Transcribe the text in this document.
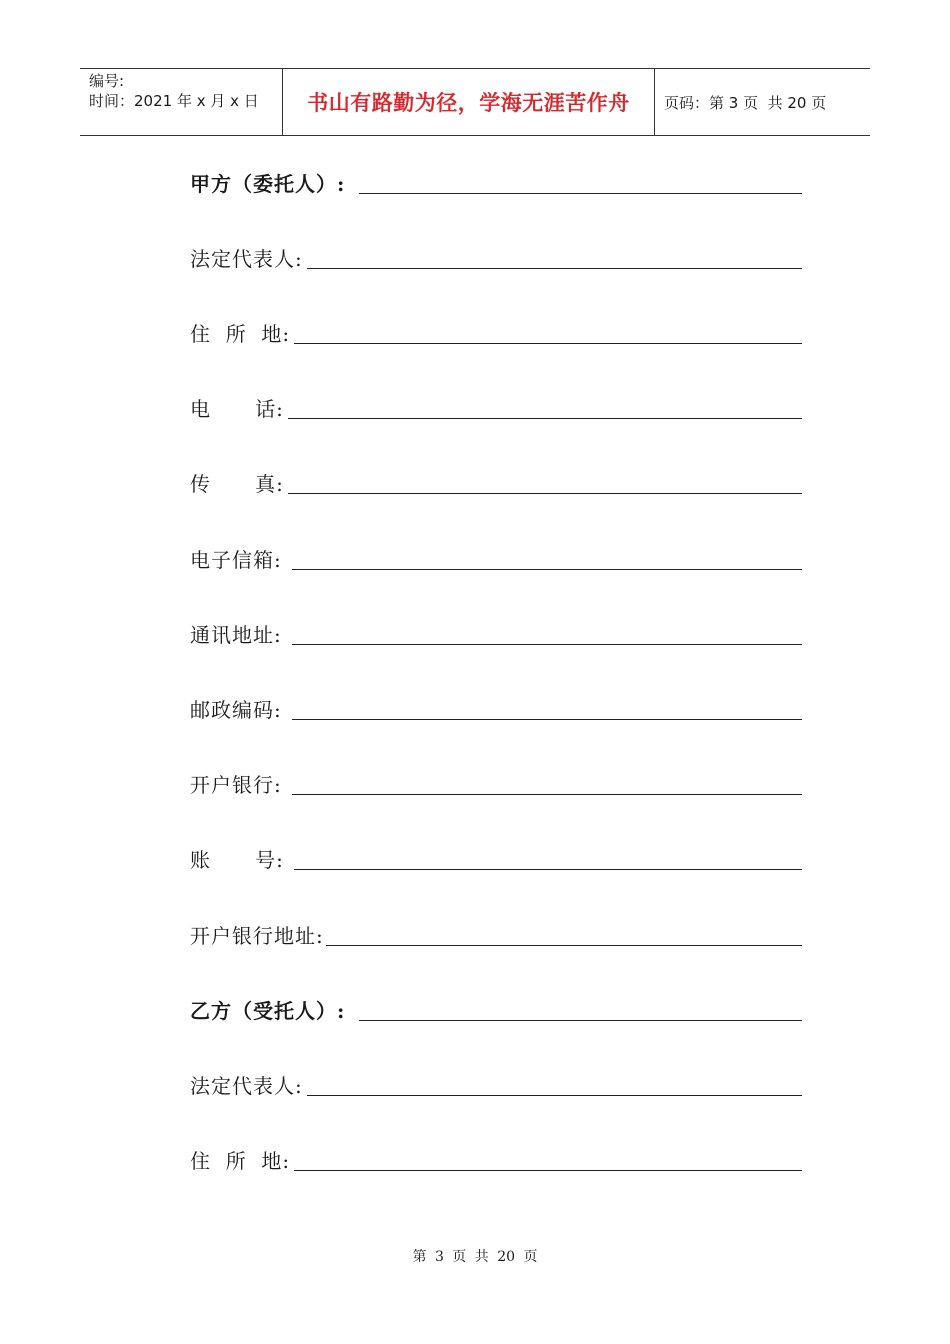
编号:
时间：2021 年 x 月 x 日	书山有路勤为径，学海无涯苦作舟 页码：第 3 页  共 20 页
甲方（委托人）:
法定代表人:
住  所  地:
电      话:
传      真:
电子信箱:
通讯地址:
邮政编码:
开户银行:
账      号:
开户银行地址:
乙方（受托人）:
法定代表人:
住  所  地:
第 3 页 共 20 页
